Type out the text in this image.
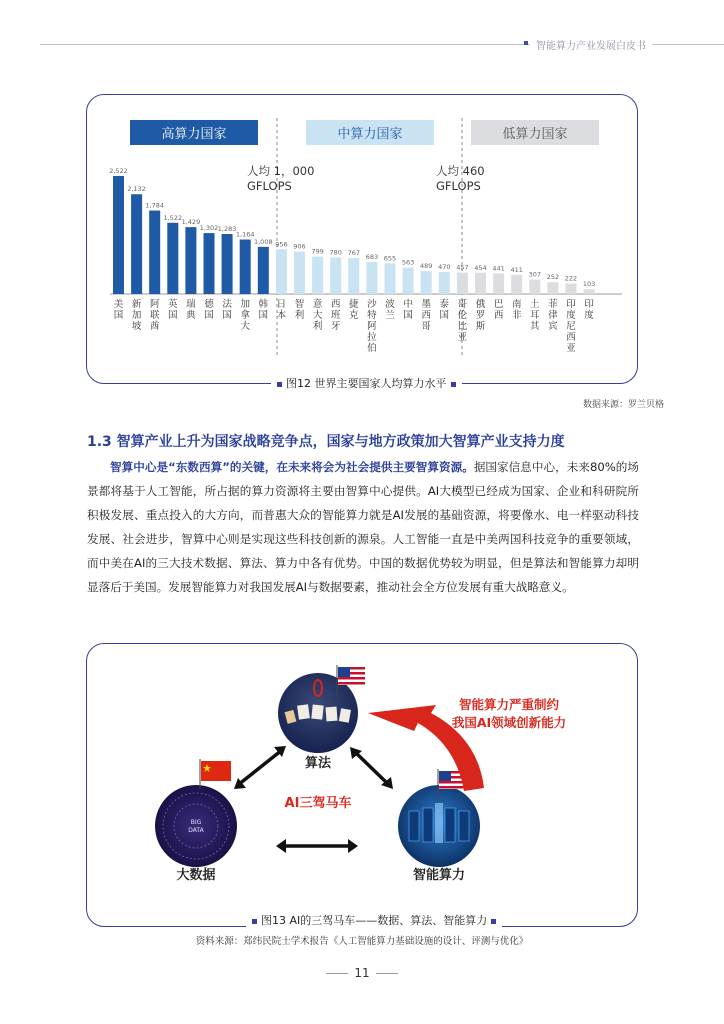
智能算力产业发展白皮书
高算力国家	中算力国家	低算力国家
人均 1，000
GFLOPS
人均 460
GFLOPS
2,522
美国
2,132
新加坡
1,784
阿联酋
1,522
英国
1,429
瑞典
1,302
德国
1,283
法国
1,164
加拿大
1,008
韩国
956
日本
906
智利
799
意大利
780
西班牙
767
捷克
683
沙特阿拉伯
655
波兰
563
中国
489
墨西哥
470
泰国
457
哥伦比亚
454
俄罗斯
441
巴西
411
南非
307
土耳其
252
菲律宾
222
印度尼西亚
103
印度
图12 世界主要国家人均算力水平
数据来源：罗兰贝格
1.3 智算产业上升为国家战略竞争点，国家与地方政策加大智算产业支持力度
智算中心是“东数西算”的关键，在未来将会为社会提供主要智算资源。据国家信息中心，未来80%的场景都将基于人工智能，所占据的算力资源将主要由智算中心提供。AI大模型已经成为国家、企业和科研院所积极发展、重点投入的大方向，而普惠大众的智能算力就是AI发展的基础资源，将要像水、电一样驱动科技发展、社会进步，智算中心则是实现这些科技创新的源泉。人工智能一直是中美两国科技竞争的重要领域，而中美在AI的三大技术数据、算法、算力中各有优势。中国的数据优势较为明显，但是算法和智能算力却明显落后于美国。发展智能算力对我国发展AI与数据要素，推动社会全方位发展有重大战略意义。
算法
BIG
DATA
大数据	智能算力
AI三驾马车
智能算力严重制约
我国AI领域创新能力
图13 AI的三驾马车——数据、算法、智能算力
资料来源：郑纬民院士学术报告《人工智能算力基础设施的设计、评测与优化》
11
